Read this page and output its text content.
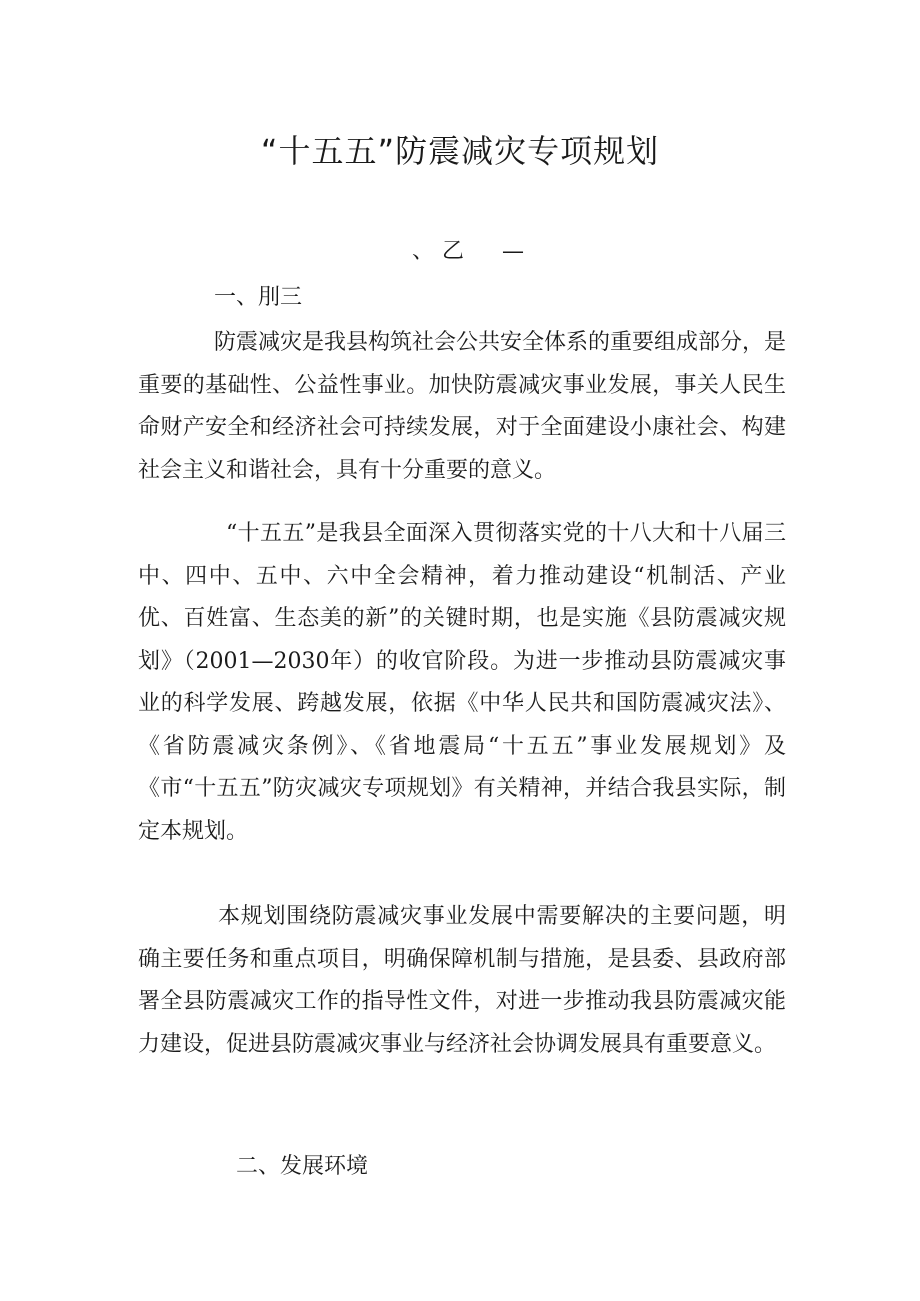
“十五五”防震减灾专项规划
、乙　—
一、刖三

防震减灾是我县构筑社会公共安全体系的重要组成部分，是重要的基础性、公益性事业。加快防震减灾事业发展，事关人民生命财产安全和经济社会可持续发展，对于全面建设小康社会、构建社会主义和谐社会，具有十分重要的意义。

“十五五”是我县全面深入贯彻落实党的十八大和十八届三中、四中、五中、六中全会精神，着力推动建设“机制活、产业优、百姓富、生态美的新”的关键时期，也是实施《县防震减灾规划》（2001—2030年）的收官阶段。为进一步推动县防震减灾事业的科学发展、跨越发展，依据《中华人民共和国防震减灾法》、《省防震减灾条例》、《省地震局“十五五”事业发展规划》及《市“十五五”防灾减灾专项规划》有关精神，并结合我县实际，制定本规划。

本规划围绕防震减灾事业发展中需要解决的主要问题，明确主要任务和重点项目，明确保障机制与措施，是县委、县政府部署全县防震减灾工作的指导性文件，对进一步推动我县防震减灾能力建设，促进县防震减灾事业与经济社会协调发展具有重要意义。

二、发展环境
